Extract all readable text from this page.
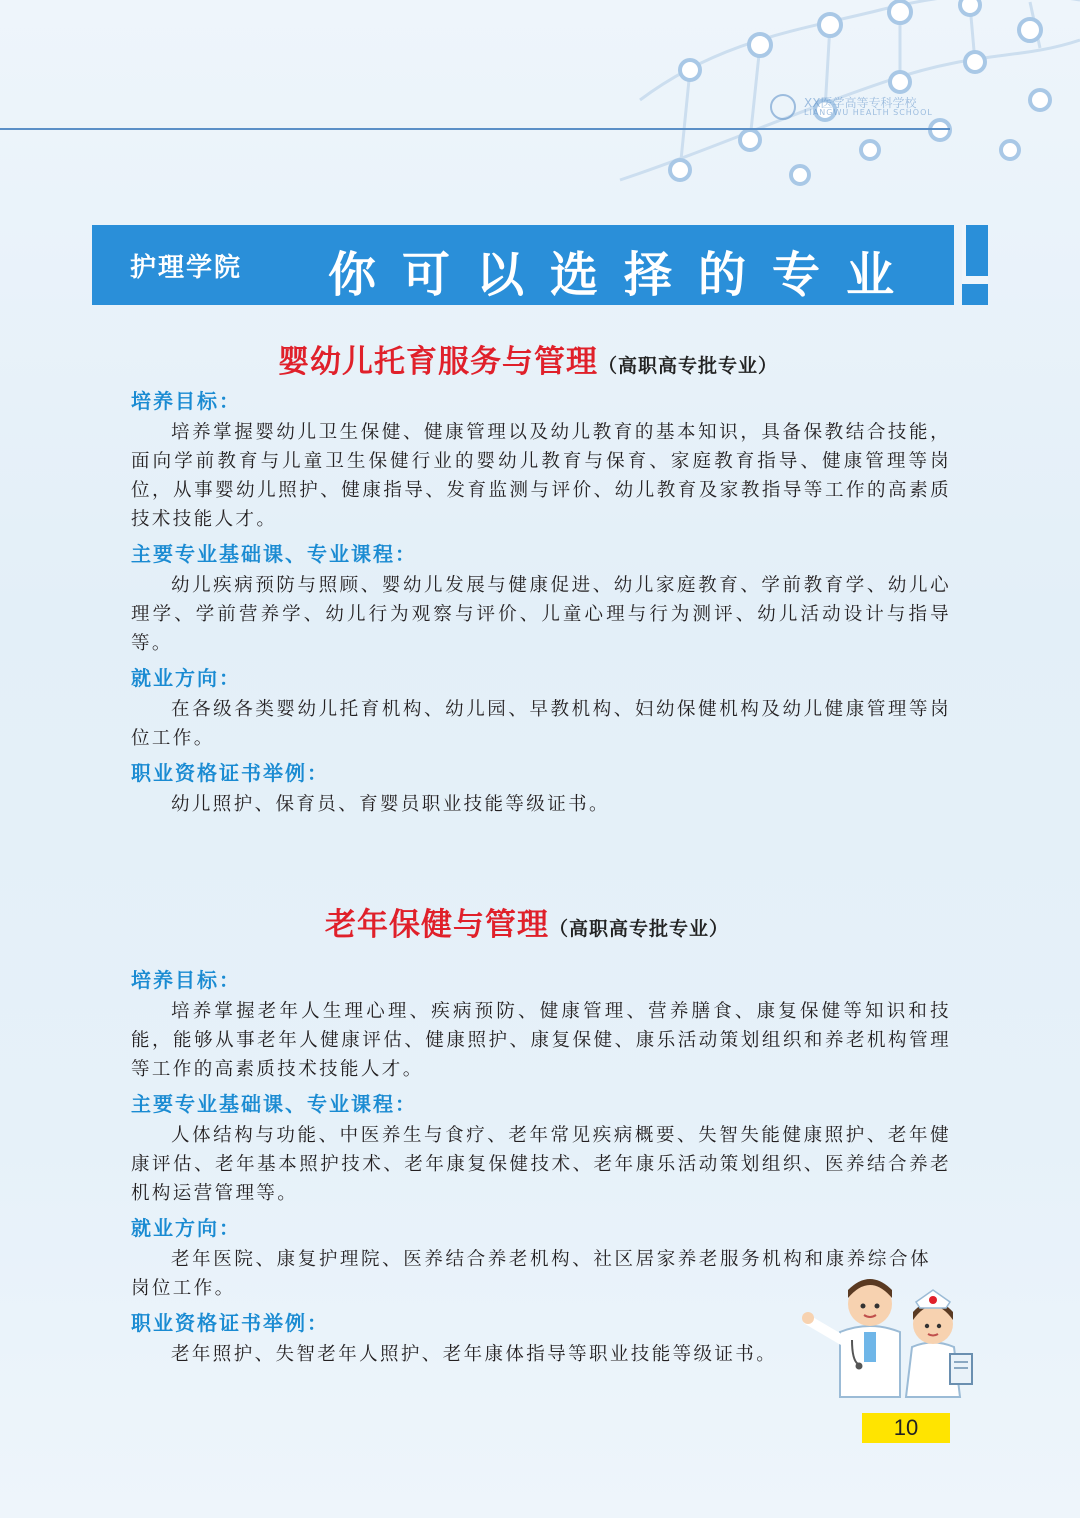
XX医学高等专科学校
LIANGWU HEALTH SCHOOL
护理学院 你可以选择的专业
婴幼儿托育服务与管理（高职高专批专业）
培养目标：
培养掌握婴幼儿卫生保健、健康管理以及幼儿教育的基本知识，具备保教结合技能，面向学前教育与儿童卫生保健行业的婴幼儿教育与保育、家庭教育指导、健康管理等岗位，从事婴幼儿照护、健康指导、发育监测与评价、幼儿教育及家教指导等工作的高素质技术技能人才。
主要专业基础课、专业课程：
幼儿疾病预防与照顾、婴幼儿发展与健康促进、幼儿家庭教育、学前教育学、幼儿心理学、学前营养学、幼儿行为观察与评价、儿童心理与行为测评、幼儿活动设计与指导等。
就业方向：
在各级各类婴幼儿托育机构、幼儿园、早教机构、妇幼保健机构及幼儿健康管理等岗位工作。
职业资格证书举例：
幼儿照护、保育员、育婴员职业技能等级证书。
老年保健与管理（高职高专批专业）
培养目标：
培养掌握老年人生理心理、疾病预防、健康管理、营养膳食、康复保健等知识和技能，能够从事老年人健康评估、健康照护、康复保健、康乐活动策划组织和养老机构管理等工作的高素质技术技能人才。
主要专业基础课、专业课程：
人体结构与功能、中医养生与食疗、老年常见疾病概要、失智失能健康照护、老年健康评估、老年基本照护技术、老年康复保健技术、老年康乐活动策划组织、医养结合养老机构运营管理等。
就业方向：
老年医院、康复护理院、医养结合养老机构、社区居家养老服务机构和康养综合体岗位工作。
职业资格证书举例：
老年照护、失智老年人照护、老年康体指导等职业技能等级证书。
10
